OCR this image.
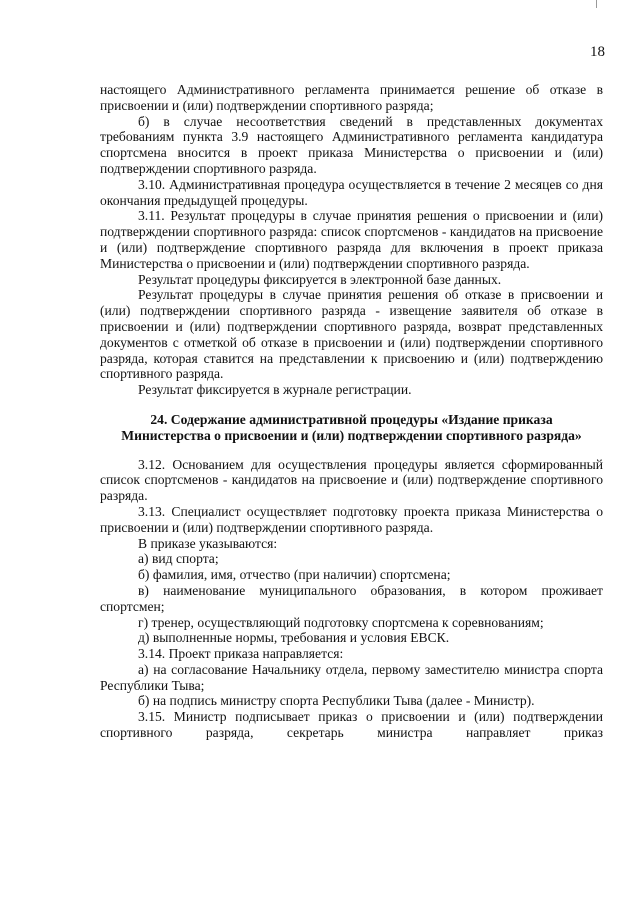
18

настоящего Административного регламента принимается решение об отказе в присвоении и (или) подтверждении спортивного разряда;

б) в случае несоответствия сведений в представленных документах требованиям пункта 3.9 настоящего Административного регламента кандидатура спортсмена вносится в проект приказа Министерства о присвоении и (или) подтверждении спортивного разряда.

3.10. Административная процедура осуществляется в течение 2 месяцев со дня окончания предыдущей процедуры.

3.11. Результат процедуры в случае принятия решения о присвоении и (или) подтверждении спортивного разряда: список спортсменов - кандидатов на присвоение и (или) подтверждение спортивного разряда для включения в проект приказа Министерства о присвоении и (или) подтверждении спортивного разряда.

Результат процедуры фиксируется в электронной базе данных.

Результат процедуры в случае принятия решения об отказе в присвоении и (или) подтверждении спортивного разряда - извещение заявителя об отказе в присвоении и (или) подтверждении спортивного разряда, возврат представленных документов с отметкой об отказе в присвоении и (или) подтверждении спортивного разряда, которая ставится на представлении к присвоению и (или) подтверждению спортивного разряда.

Результат фиксируется в журнале регистрации.

24. Содержание административной процедуры «Издание приказа Министерства о присвоении и (или) подтверждении спортивного разряда»

3.12. Основанием для осуществления процедуры является сформированный список спортсменов - кандидатов на присвоение и (или) подтверждение спортивного разряда.

3.13. Специалист осуществляет подготовку проекта приказа Министерства о присвоении и (или) подтверждении спортивного разряда.

В приказе указываются:

а) вид спорта;

б) фамилия, имя, отчество (при наличии) спортсмена;

в) наименование муниципального образования, в котором проживает спортсмен;

г) тренер, осуществляющий подготовку спортсмена к соревнованиям;

д) выполненные нормы, требования и условия ЕВСК.

3.14. Проект приказа направляется:

а) на согласование Начальнику отдела, первому заместителю министра спорта Республики Тыва;

б) на подпись министру спорта Республики Тыва (далее - Министр).

3.15. Министр подписывает приказ о присвоении и (или) подтверждении спортивного разряда, секретарь министра направляет приказ
